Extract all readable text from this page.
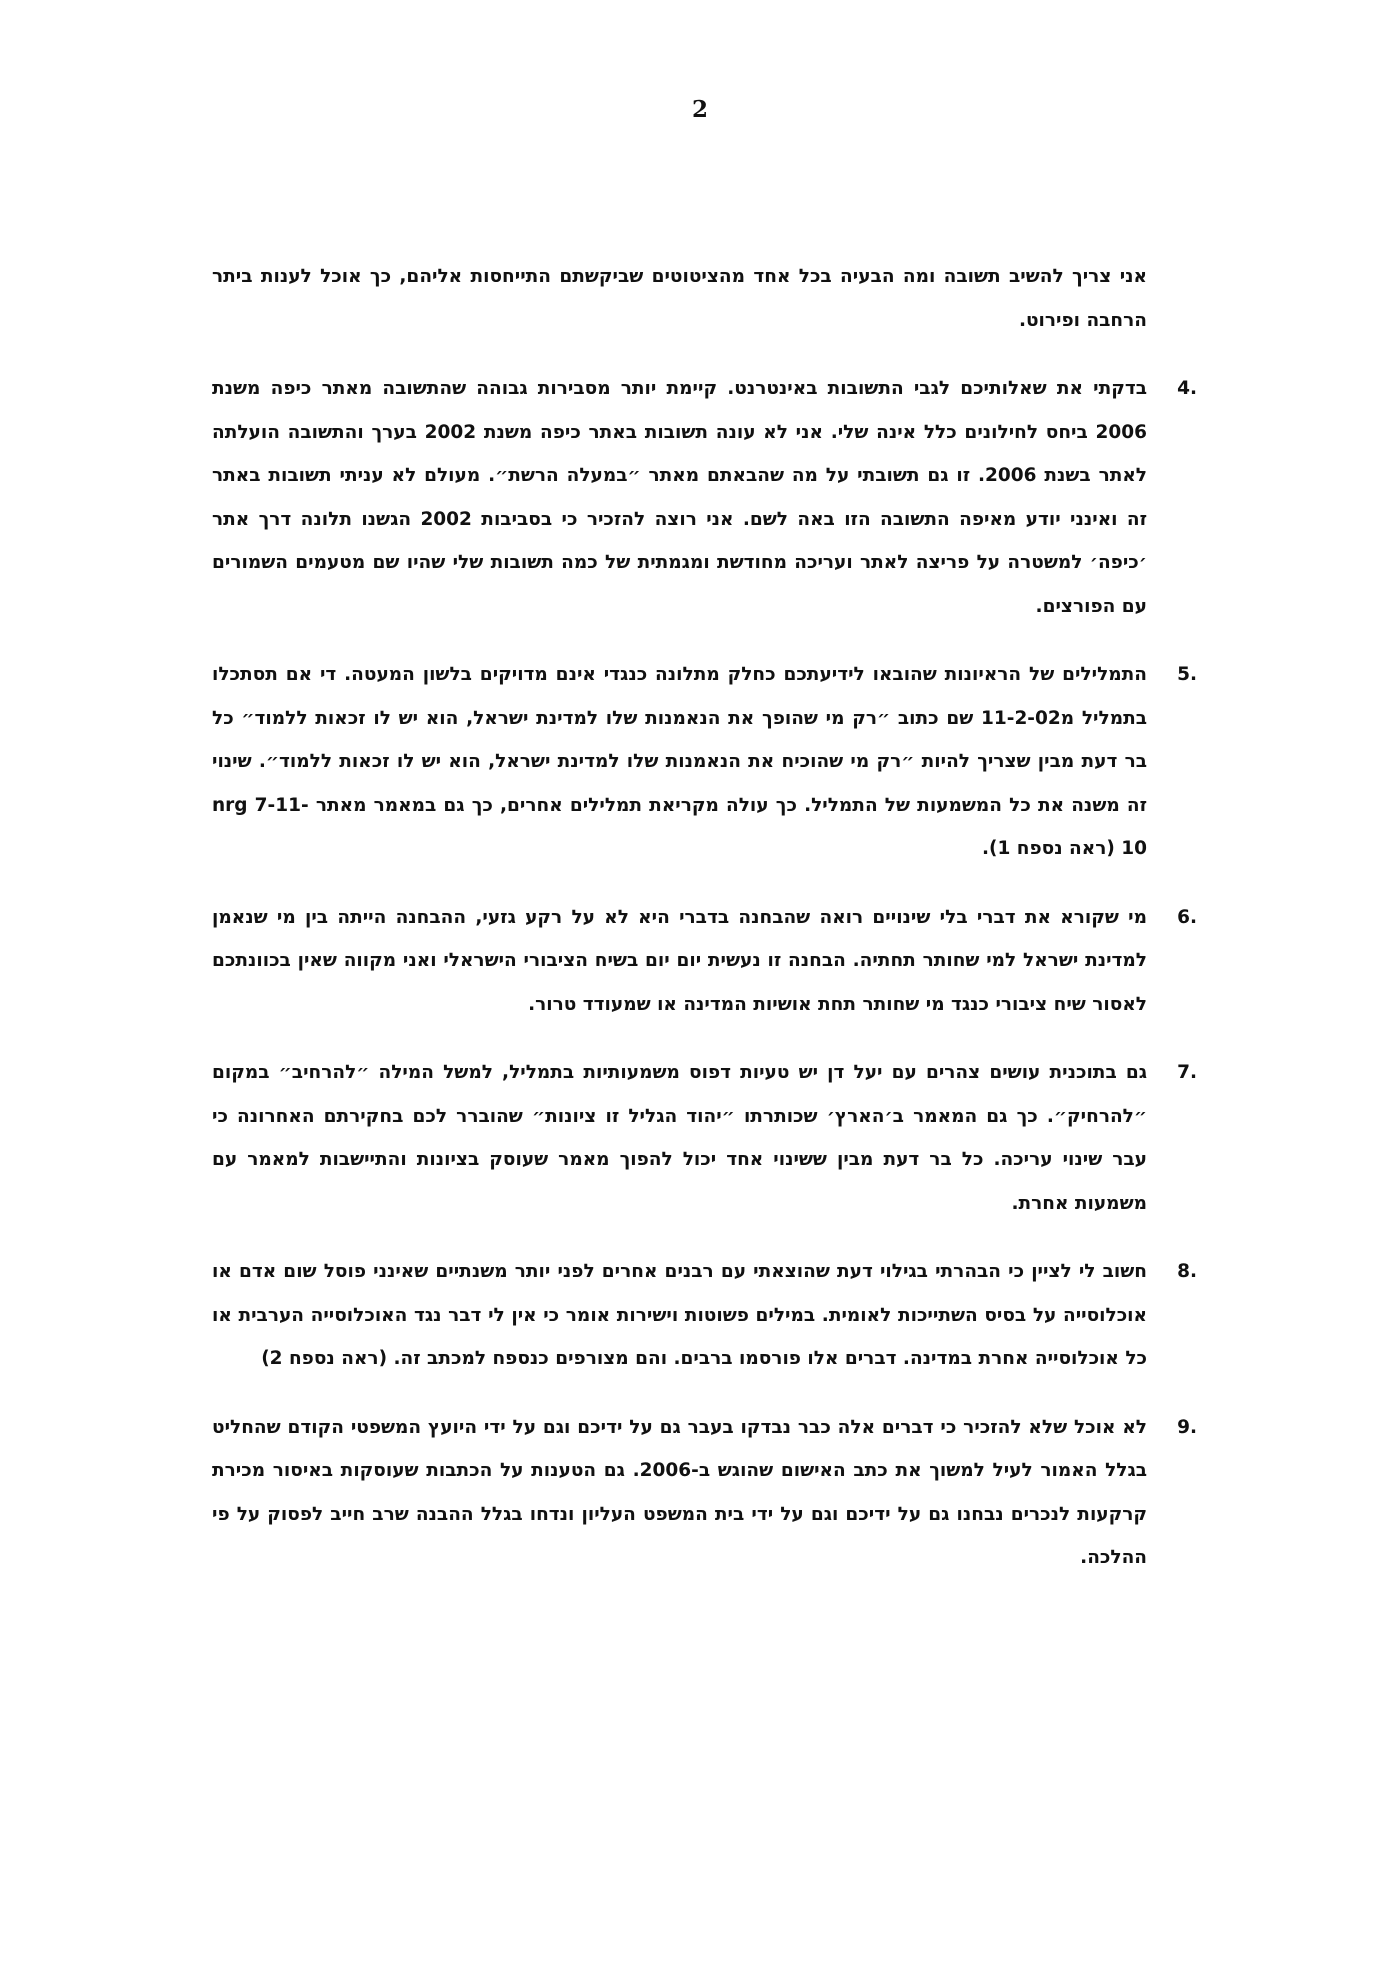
2

אני צריך להשיב תשובה ומה הבעיה בכל אחד מהציטוטים שביקשתם התייחסות אליהם, כך אוכל לענות ביתר הרחבה ופירוט.

4.
בדקתי את שאלותיכם לגבי התשובות באינטרנט. קיימת יותר מסבירות גבוהה שהתשובה מאתר כיפה משנת 2006 ביחס לחילונים כלל אינה שלי. אני לא עונה תשובות באתר כיפה משנת 2002 בערך והתשובה הועלתה לאתר בשנת 2006. זו גם תשובתי על מה שהבאתם מאתר ״במעלה הרשת״. מעולם לא עניתי תשובות באתר זה ואינני יודע מאיפה התשובה הזו באה לשם. אני רוצה להזכיר כי בסביבות 2002 הגשנו תלונה דרך אתר ׳כיפה׳ למשטרה על פריצה לאתר ועריכה מחודשת ומגמתית של כמה תשובות שלי שהיו שם מטעמים השמורים עם הפורצים.
5.
התמלילים של הראיונות שהובאו לידיעתכם כחלק מתלונה כנגדי אינם מדויקים בלשון המעטה. די אם תסתכלו בתמליל מ11-2-02 שם כתוב ״רק מי שהופך את הנאמנות שלו למדינת ישראל, הוא יש לו זכאות ללמוד״ כל בר דעת מבין שצריך להיות ״רק מי שהוכיח את הנאמנות שלו למדינת ישראל, הוא יש לו זכאות ללמוד״. שינוי זה משנה את כל המשמעות של התמליל. כך עולה מקריאת תמלילים אחרים, כך גם במאמר מאתר nrg 7-11-10 (ראה נספח 1).
6.
מי שקורא את דברי בלי שינויים רואה שהבחנה בדברי היא לא על רקע גזעי, ההבחנה הייתה בין מי שנאמן למדינת ישראל למי שחותר תחתיה. הבחנה זו נעשית יום יום בשיח הציבורי הישראלי ואני מקווה שאין בכוונתכם לאסור שיח ציבורי כנגד מי שחותר תחת אושיות המדינה או שמעודד טרור.
7.
גם בתוכנית עושים צהרים עם יעל דן יש טעיות דפוס משמעותיות בתמליל, למשל המילה ״להרחיב״ במקום ״להרחיק״. כך גם המאמר ב׳הארץ׳ שכותרתו ״יהוד הגליל זו ציונות״ שהוברר לכם בחקירתם האחרונה כי עבר שינוי עריכה. כל בר דעת מבין ששינוי אחד יכול להפוך מאמר שעוסק בציונות והתיישבות למאמר עם משמעות אחרת.
8.
חשוב לי לציין כי הבהרתי בגילוי דעת שהוצאתי עם רבנים אחרים לפני יותר משנתיים שאינני פוסל שום אדם או אוכלוסייה על בסיס השתייכות לאומית. במילים פשוטות וישירות אומר כי אין לי דבר נגד האוכלוסייה הערבית או כל אוכלוסייה אחרת במדינה. דברים אלו פורסמו ברבים. והם מצורפים כנספח למכתב זה. (ראה נספח 2)
9.
לא אוכל שלא להזכיר כי דברים אלה כבר נבדקו בעבר גם על ידיכם וגם על ידי היועץ המשפטי הקודם שהחליט בגלל האמור לעיל למשוך את כתב האישום שהוגש ב-2006. גם הטענות על הכתבות שעוסקות באיסור מכירת קרקעות לנכרים נבחנו גם על ידיכם וגם על ידי בית המשפט העליון ונדחו בגלל ההבנה שרב חייב לפסוק על פי ההלכה.
